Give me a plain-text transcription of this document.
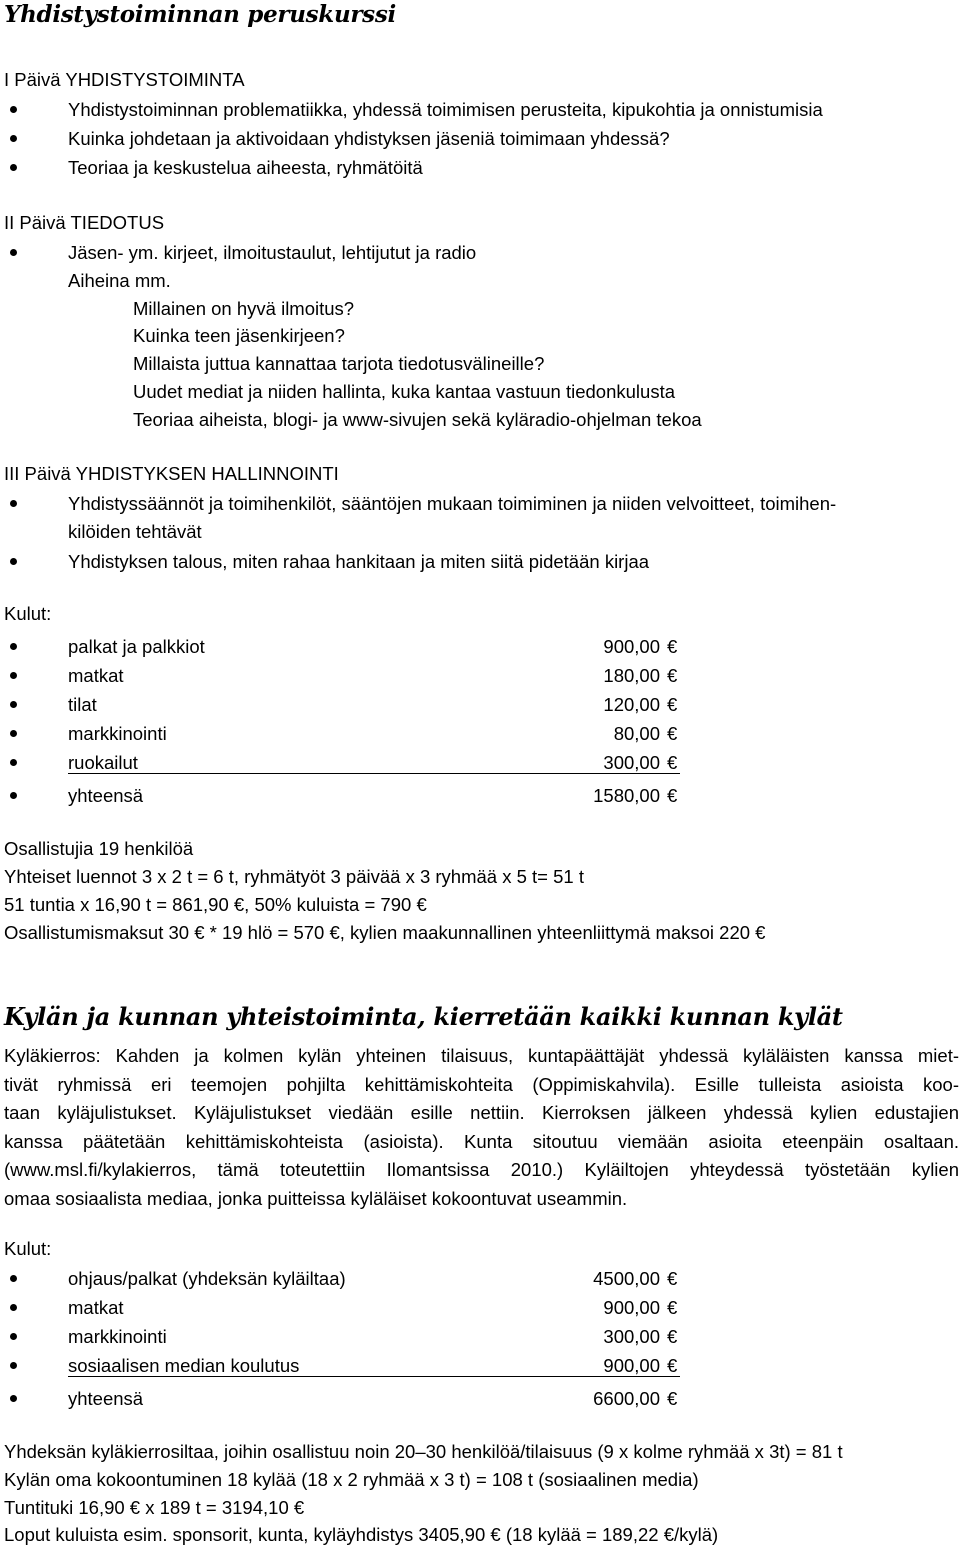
Yhdistystoiminnan peruskurssi
I Päivä YHDISTYSTOIMINTA
Yhdistystoiminnan problematiikka, yhdessä toimimisen perusteita, kipukohtia ja onnistumisia
Kuinka johdetaan ja aktivoidaan yhdistyksen jäseniä toimimaan yhdessä?
Teoriaa ja keskustelua aiheesta, ryhmätöitä
II Päivä TIEDOTUS
Jäsen- ym. kirjeet, ilmoitustaulut, lehtijutut ja radio
Aiheina mm.
Millainen on hyvä ilmoitus?
Kuinka teen jäsenkirjeen?
Millaista juttua kannattaa tarjota tiedotusvälineille?
Uudet mediat ja niiden hallinta, kuka kantaa vastuun tiedonkulusta
Teoriaa aiheista, blogi- ja www-sivujen sekä kyläradio-ohjelman tekoa
III Päivä YHDISTYKSEN HALLINNOINTI
Yhdistyssäännöt ja toimihenkilöt, sääntöjen mukaan toimiminen ja niiden velvoitteet, toimihen-
kilöiden tehtävät
Yhdistyksen talous, miten rahaa hankitaan ja miten siitä pidetään kirjaa
Kulut:
palkat ja palkkiot	900,00 €
matkat	180,00 €
tilat	120,00 €
markkinointi	80,00 €
ruokailut	300,00 €
yhteensä	1580,00 €
Osallistujia 19 henkilöä
Yhteiset luennot 3 x 2 t = 6 t, ryhmätyöt 3 päivää x 3 ryhmää x 5 t= 51 t
51 tuntia x 16,90 t = 861,90 €, 50% kuluista = 790 €
Osallistumismaksut 30 € * 19 hlö = 570 €, kylien maakunnallinen yhteenliittymä maksoi 220 €
Kylän ja kunnan yhteistoiminta, kierretään kaikki kunnan kylät
Kyläkierros: Kahden ja kolmen kylän yhteinen tilaisuus, kuntapäättäjät yhdessä kyläläisten kanssa miet-
tivät ryhmissä eri teemojen pohjilta kehittämiskohteita (Oppimiskahvila). Esille tulleista asioista koo-
taan kyläjulistukset. Kyläjulistukset viedään esille nettiin. Kierroksen jälkeen yhdessä kylien edustajien
kanssa päätetään kehittämiskohteista (asioista). Kunta sitoutuu viemään asioita eteenpäin osaltaan.
(www.msl.fi/kylakierros, tämä toteutettiin Ilomantsissa 2010.) Kyläiltojen yhteydessä työstetään kylien
omaa sosiaalista mediaa, jonka puitteissa kyläläiset kokoontuvat useammin.
Kulut:
ohjaus/palkat (yhdeksän kyläiltaa)	4500,00 €
matkat	900,00 €
markkinointi	300,00 €
sosiaalisen median koulutus	900,00 €
yhteensä	6600,00 €
Yhdeksän kyläkierrosiltaa, joihin osallistuu noin 20–30 henkilöä/tilaisuus (9 x kolme ryhmää x 3t) = 81 t
Kylän oma kokoontuminen 18 kylää (18 x 2 ryhmää x 3 t) = 108 t (sosiaalinen media)
Tuntituki 16,90 € x 189 t = 3194,10 €
Loput kuluista esim. sponsorit, kunta, kyläyhdistys 3405,90 € (18 kylää = 189,22 €/kylä)
